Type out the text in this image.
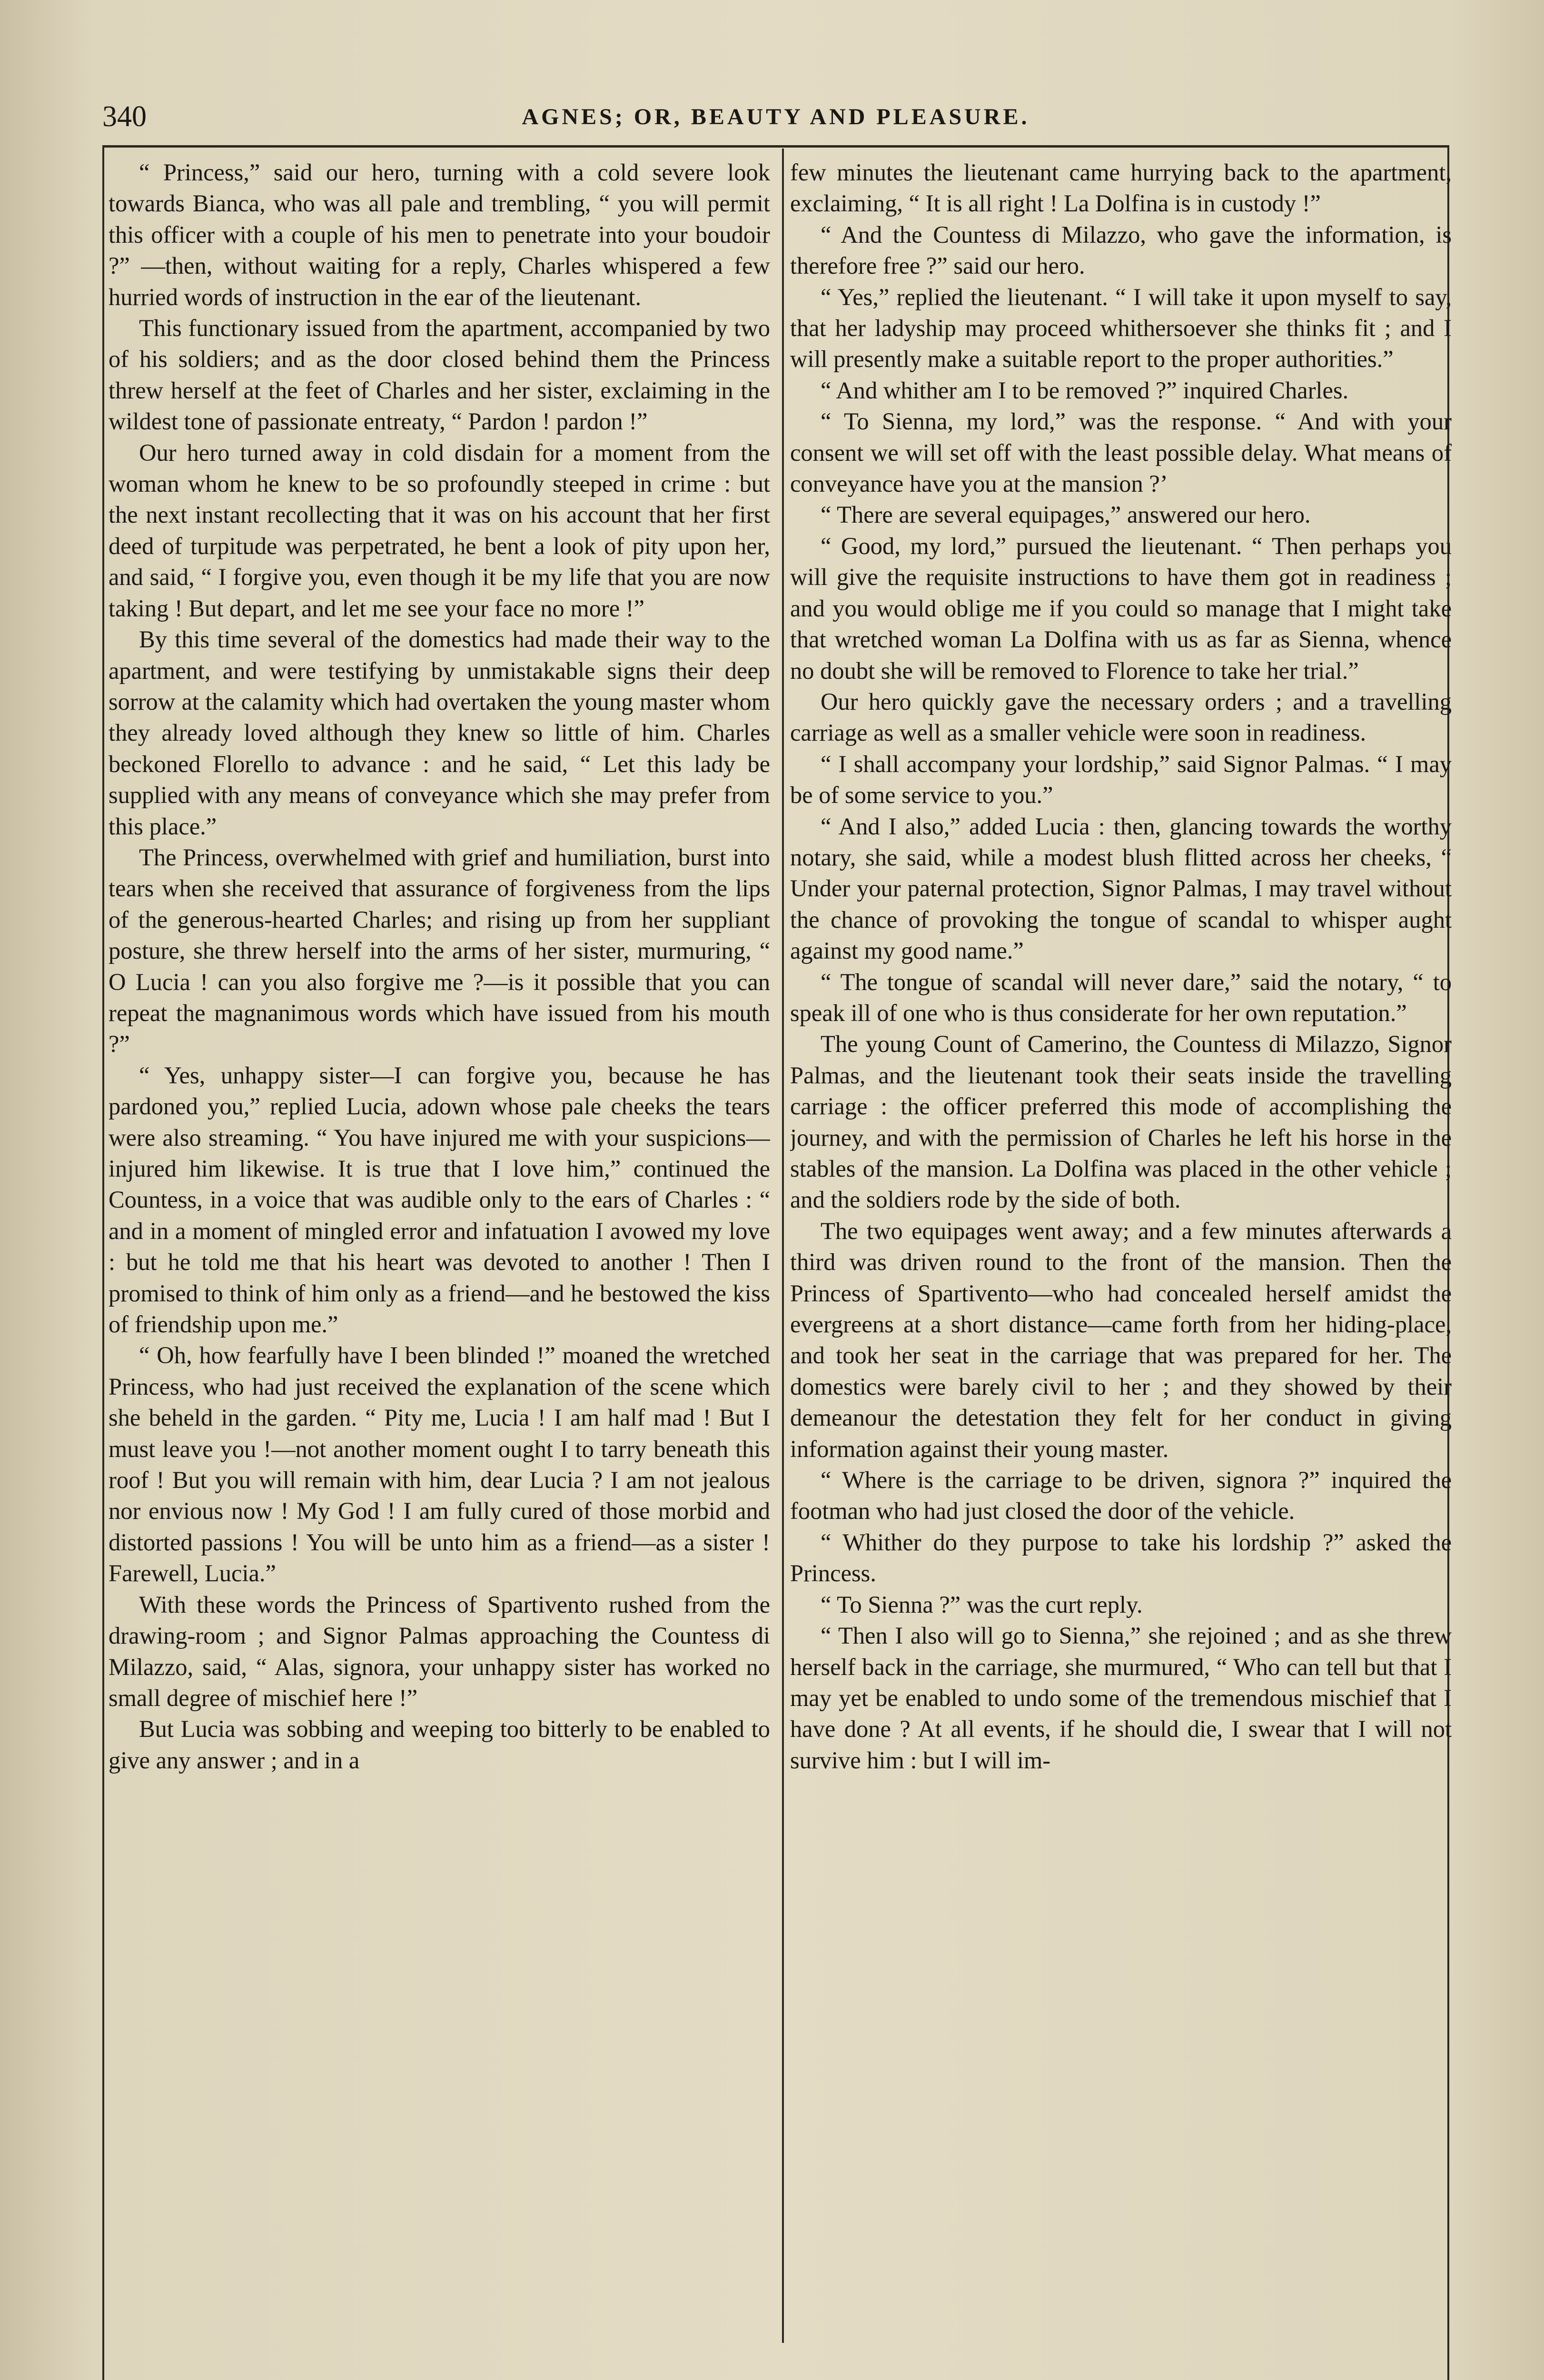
340	AGNES; OR, BEAUTY AND PLEASURE.

“ Princess,” said our hero, turning with a cold severe look towards Bianca, who was all pale and trembling, “ you will permit this officer with a couple of his men to penetrate into your boudoir ?” —then, without waiting for a reply, Charles whispered a few hurried words of instruction in the ear of the lieutenant.

This functionary issued from the apartment, accompanied by two of his soldiers; and as the door closed behind them the Princess threw herself at the feet of Charles and her sister, exclaiming in the wildest tone of passionate entreaty, “ Pardon ! pardon !”

Our hero turned away in cold disdain for a moment from the woman whom he knew to be so profoundly steeped in crime : but the next instant recollecting that it was on his account that her first deed of turpitude was perpetrated, he bent a look of pity upon her, and said, “ I forgive you, even though it be my life that you are now taking ! But depart, and let me see your face no more !”

By this time several of the domestics had made their way to the apartment, and were testifying by unmistakable signs their deep sorrow at the calamity which had overtaken the young master whom they already loved although they knew so little of him. Charles beckoned Florello to advance : and he said, “ Let this lady be supplied with any means of conveyance which she may prefer from this place.”

The Princess, overwhelmed with grief and humiliation, burst into tears when she received that assurance of forgiveness from the lips of the generous-hearted Charles; and rising up from her suppliant posture, she threw herself into the arms of her sister, murmuring, “ O Lucia ! can you also forgive me ?—is it possible that you can repeat the magnanimous words which have issued from his mouth ?”

“ Yes, unhappy sister—I can forgive you, because he has pardoned you,” replied Lucia, adown whose pale cheeks the tears were also streaming. “ You have injured me with your suspicions—injured him likewise. It is true that I love him,” continued the Countess, in a voice that was audible only to the ears of Charles : “ and in a moment of mingled error and infatuation I avowed my love : but he told me that his heart was devoted to another ! Then I promised to think of him only as a friend—and he bestowed the kiss of friendship upon me.”

“ Oh, how fearfully have I been blinded !” moaned the wretched Princess, who had just received the explanation of the scene which she beheld in the garden. “ Pity me, Lucia ! I am half mad ! But I must leave you !—not another moment ought I to tarry beneath this roof ! But you will remain with him, dear Lucia ? I am not jealous nor envious now ! My God ! I am fully cured of those morbid and distorted passions ! You will be unto him as a friend—as a sister ! Farewell, Lucia.”

With these words the Princess of Spartivento rushed from the drawing-room ; and Signor Palmas approaching the Countess di Milazzo, said, “ Alas, signora, your unhappy sister has worked no small degree of mischief here !”

But Lucia was sobbing and weeping too bitterly to be enabled to give any answer ; and in a

few minutes the lieutenant came hurrying back to the apartment, exclaiming, “ It is all right ! La Dolfina is in custody !”

“ And the Countess di Milazzo, who gave the information, is therefore free ?” said our hero.

“ Yes,” replied the lieutenant. “ I will take it upon myself to say, that her ladyship may proceed whithersoever she thinks fit ; and I will presently make a suitable report to the proper authorities.”

“ And whither am I to be removed ?” inquired Charles.

“ To Sienna, my lord,” was the response. “ And with your consent we will set off with the least possible delay. What means of conveyance have you at the mansion ?’

“ There are several equipages,” answered our hero.

“ Good, my lord,” pursued the lieutenant. “ Then perhaps you will give the requisite instructions to have them got in readiness ; and you would oblige me if you could so manage that I might take that wretched woman La Dolfina with us as far as Sienna, whence no doubt she will be removed to Florence to take her trial.”

Our hero quickly gave the necessary orders ; and a travelling carriage as well as a smaller vehicle were soon in readiness.

“ I shall accompany your lordship,” said Signor Palmas. “ I may be of some service to you.”

“ And I also,” added Lucia : then, glancing towards the worthy notary, she said, while a modest blush flitted across her cheeks, “ Under your paternal protection, Signor Palmas, I may travel without the chance of provoking the tongue of scandal to whisper aught against my good name.”

“ The tongue of scandal will never dare,” said the notary, “ to speak ill of one who is thus considerate for her own reputation.”

The young Count of Camerino, the Countess di Milazzo, Signor Palmas, and the lieutenant took their seats inside the travelling carriage : the officer preferred this mode of accomplishing the journey, and with the permission of Charles he left his horse in the stables of the mansion. La Dolfina was placed in the other vehicle ; and the soldiers rode by the side of both.

The two equipages went away; and a few minutes afterwards a third was driven round to the front of the mansion. Then the Princess of Spartivento—who had concealed herself amidst the evergreens at a short distance—came forth from her hiding-place, and took her seat in the carriage that was prepared for her. The domestics were barely civil to her ; and they showed by their demeanour the detestation they felt for her conduct in giving information against their young master.

“ Where is the carriage to be driven, signora ?” inquired the footman who had just closed the door of the vehicle.

“ Whither do they purpose to take his lordship ?” asked the Princess.

“ To Sienna ?” was the curt reply.

“ Then I also will go to Sienna,” she rejoined ; and as she threw herself back in the carriage, she murmured, “ Who can tell but that I may yet be enabled to undo some of the tremendous mischief that I have done ? At all events, if he should die, I swear that I will not survive him : but I will im-
